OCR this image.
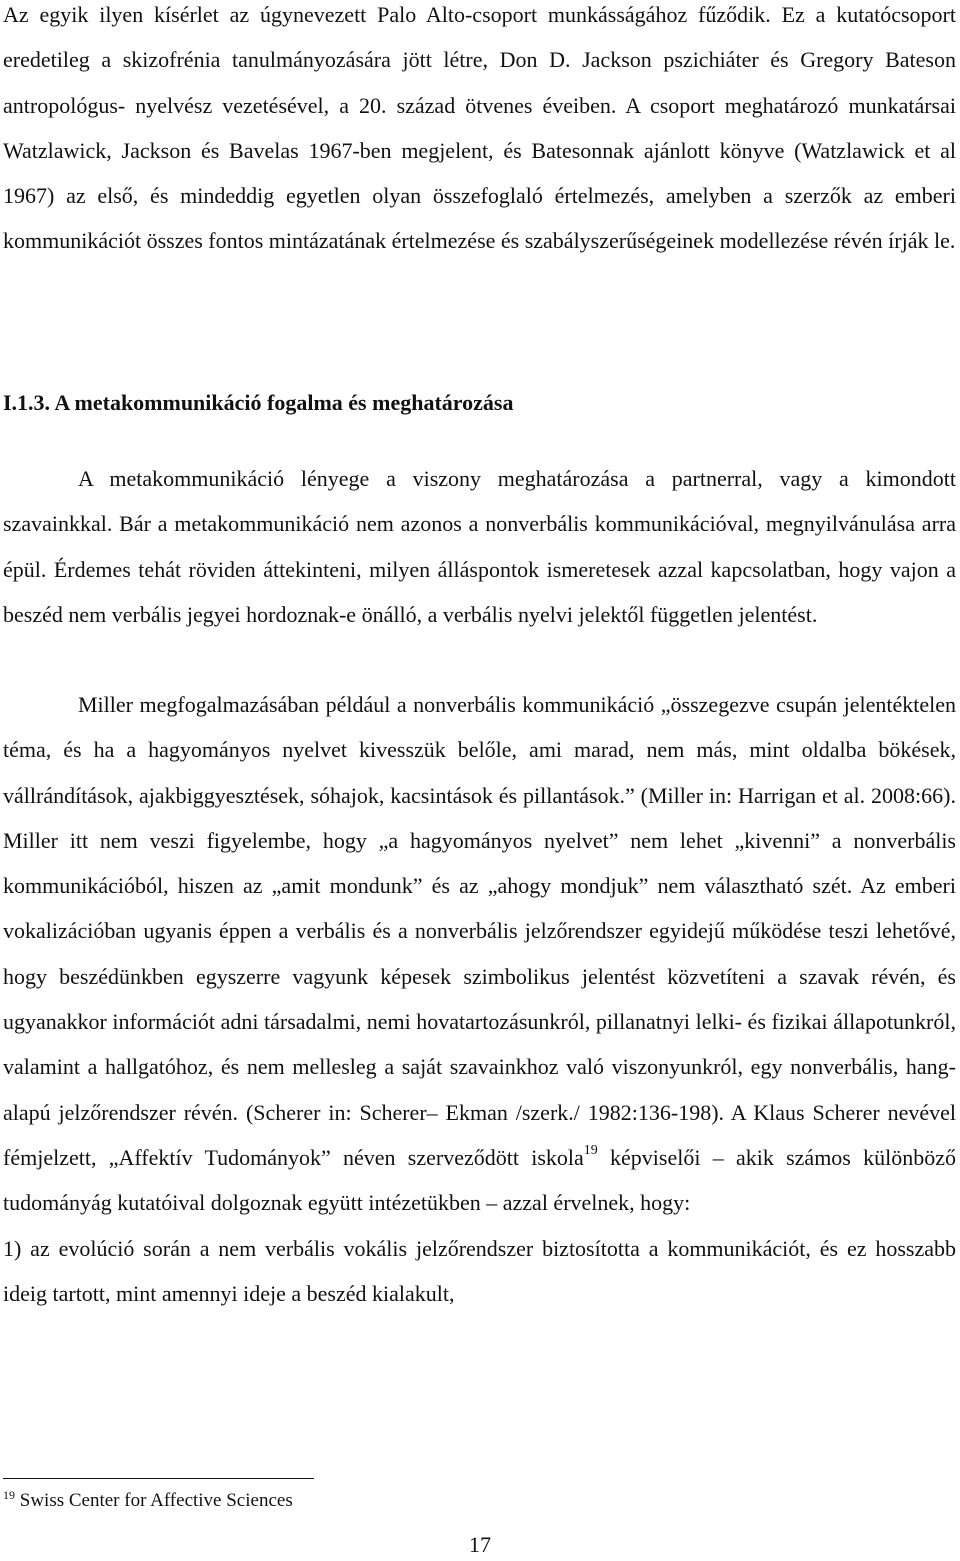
Az egyik ilyen kísérlet az úgynevezett Palo Alto-csoport munkásságához fűződik. Ez a kutatócsoport eredetileg a skizofrénia tanulmányozására jött létre, Don D. Jackson pszichiáter és Gregory Bateson antropológus- nyelvész vezetésével, a 20. század ötvenes éveiben. A csoport meghatározó munkatársai Watzlawick, Jackson és Bavelas 1967-ben megjelent, és Batesonnak ajánlott könyve (Watzlawick et al 1967) az első, és mindeddig egyetlen olyan összefoglaló értelmezés, amelyben a szerzők az emberi kommunikációt összes fontos mintázatának értelmezése és szabályszerűségeinek modellezése révén írják le.

I.1.3. A metakommunikáció fogalma és meghatározása

A metakommunikáció lényege a viszony meghatározása a partnerral, vagy a kimondott szavainkkal. Bár a metakommunikáció nem azonos a nonverbális kommunikációval, megnyilvánulása arra épül. Érdemes tehát röviden áttekinteni, milyen álláspontok ismeretesek azzal kapcsolatban, hogy vajon a beszéd nem verbális jegyei hordoznak-e önálló, a verbális nyelvi jelektől független jelentést.

Miller megfogalmazásában például a nonverbális kommunikáció „összegezve csupán jelentéktelen téma, és ha a hagyományos nyelvet kivesszük belőle, ami marad, nem más, mint oldalba bökések, vállrándítások, ajakbiggyesztések, sóhajok, kacsintások és pillantások.” (Miller in: Harrigan et al. 2008:66). Miller itt nem veszi figyelembe, hogy „a hagyományos nyelvet” nem lehet „kivenni” a nonverbális kommunikációból, hiszen az „amit mondunk” és az „ahogy mondjuk” nem választható szét. Az emberi vokalizációban ugyanis éppen a verbális és a nonverbális jelzőrendszer egyidejű működése teszi lehetővé, hogy beszédünkben egyszerre vagyunk képesek szimbolikus jelentést közvetíteni a szavak révén, és ugyanakkor információt adni társadalmi, nemi hovatartozásunkról, pillanatnyi lelki- és fizikai állapotunkról, valamint a hallgatóhoz, és nem mellesleg a saját szavainkhoz való viszonyunkról, egy nonverbális, hang-alapú jelzőrendszer révén. (Scherer in: Scherer– Ekman /szerk./ 1982:136-198). A Klaus Scherer nevével fémjelzett, „Affektív Tudományok” néven szerveződött iskola$^{19}$ képviselői – akik számos különböző tudományág kutatóival dolgoznak együtt intézetükben – azzal érvelnek, hogy:
1) az evolúció során a nem verbális vokális jelzőrendszer biztosította a kommunikációt, és ez hosszabb ideig tartott, mint amennyi ideje a beszéd kialakult,

$^{19}$ Swiss Center for Affective Sciences

17
